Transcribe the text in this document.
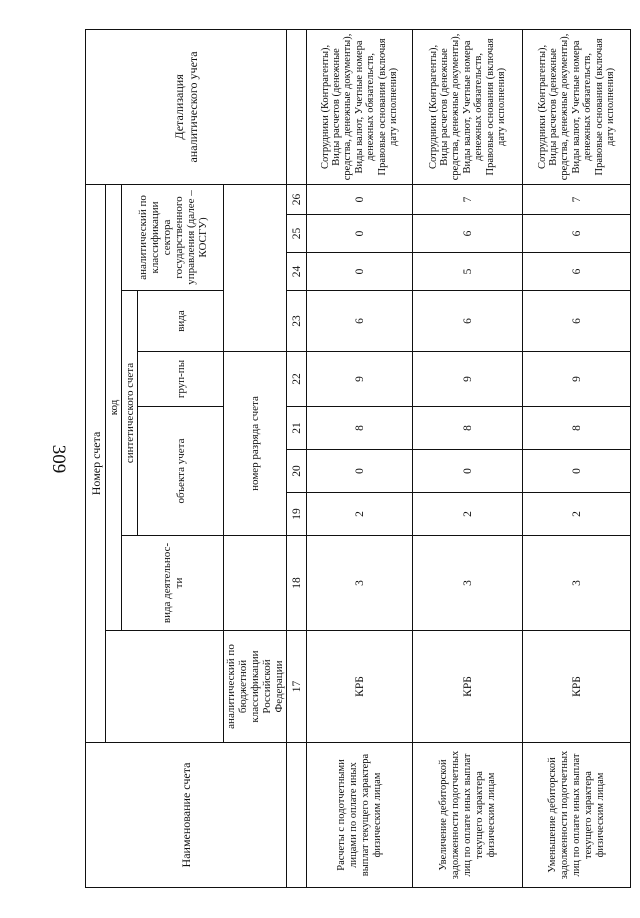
309
Наименование счета	Номер счета										Детализация аналитического учета
		код									
		вида деятельнос-ти	синтетического счета					аналитический по классификации сектора государственного управления (далее – КОСГУ)			
			объекта учета			груп-пы	вида				
	аналитический по бюджетной классификации Российской Федерации		номер разряда счета								
	17	18	19	20	21	22	23	24	25	26	
Расчеты с подотчетными лицами по оплате иных выплат текущего характера физическим лицам	КРБ	3	2	0	8	9	6	0	0	0	Сотрудники (Контрагенты), Виды расчетов (денежные средства, денежные документы), Виды валют, Учетные номера денежных обязательств, Правовые основания (включая дату исполнения)
Увеличение дебиторской задолженности подотчетных лиц по оплате иных выплат текущего характера физическим лицам	КРБ	3	2	0	8	9	6	5	6	7	Сотрудники (Контрагенты), Виды расчетов (денежные средства, денежные документы), Виды валют, Учетные номера денежных обязательств, Правовые основания (включая дату исполнения)
Уменьшение дебиторской задолженности подотчетных лиц по оплате иных выплат текущего характера физическим лицам	КРБ	3	2	0	8	9	6	6	6	7	Сотрудники (Контрагенты), Виды расчетов (денежные средства, денежные документы), Виды валют, Учетные номера денежных обязательств, Правовые основания (включая дату исполнения)
